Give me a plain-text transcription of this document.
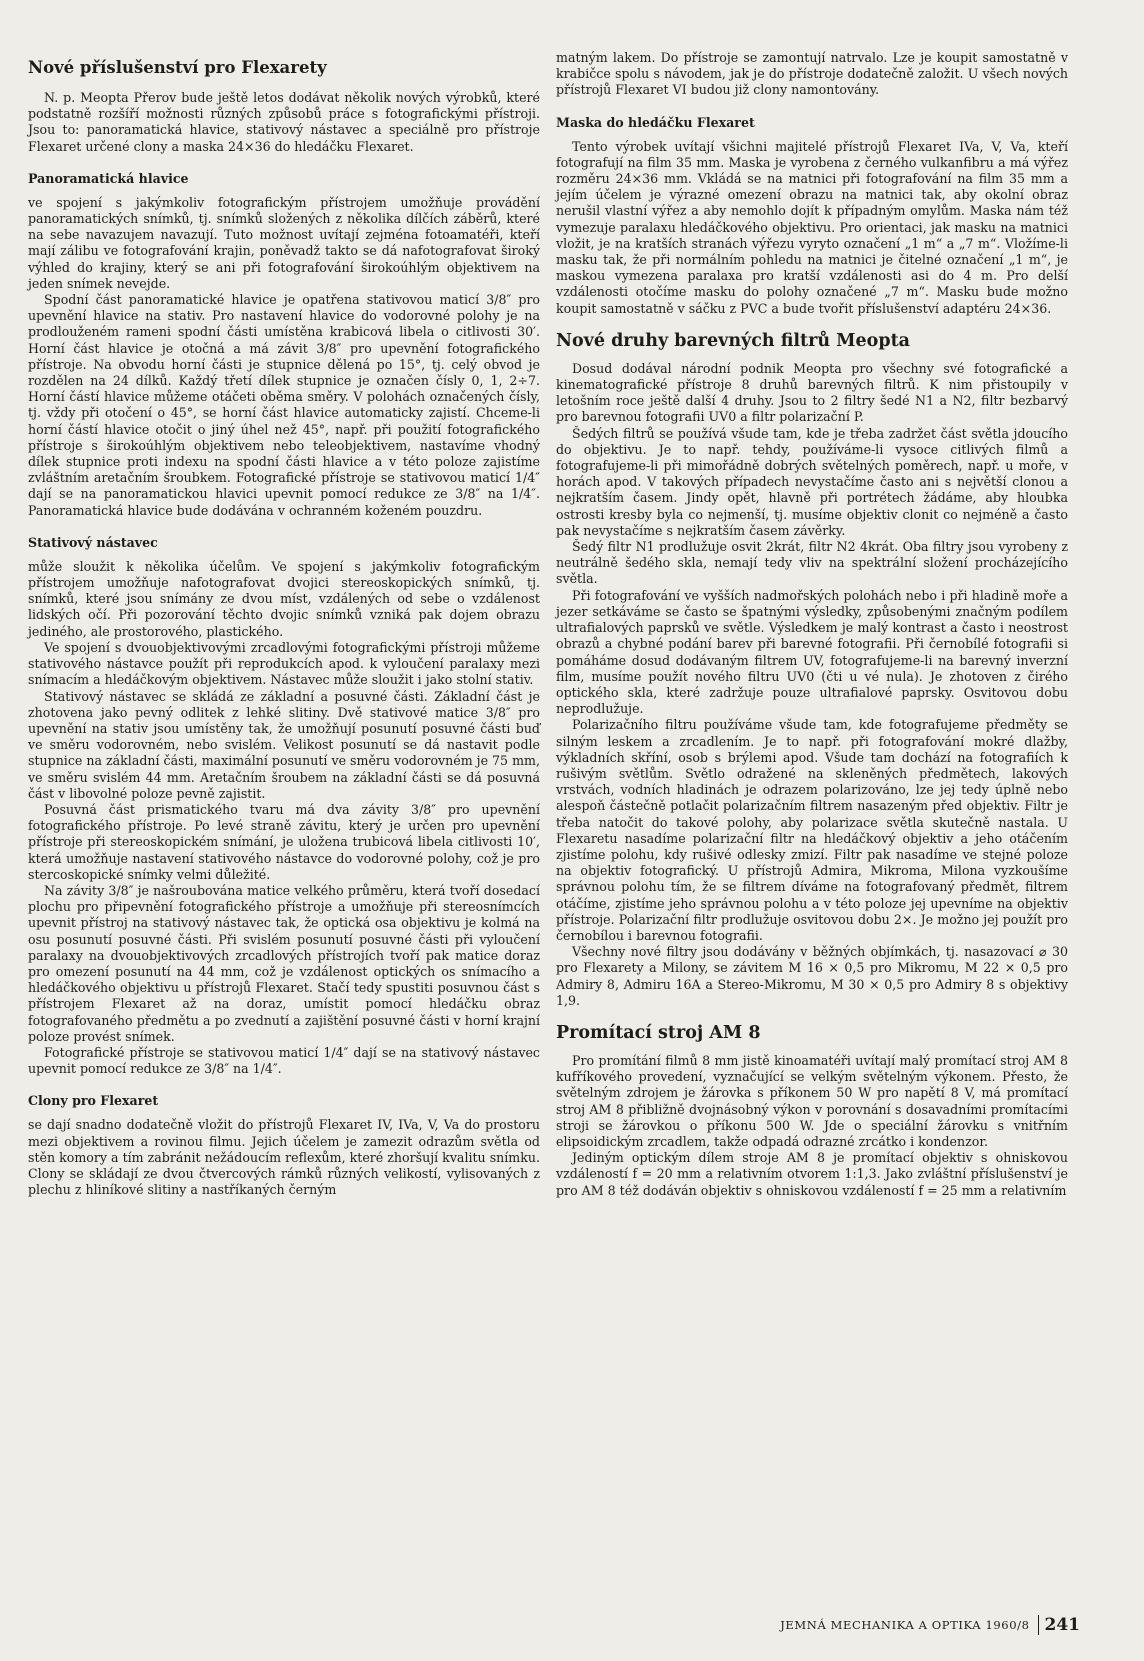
Nové příslušenství pro Flexarety

N. p. Meopta Přerov bude ještě letos dodávat několik nových výrobků, které podstatně rozšíří možnosti různých způsobů práce s fotografickými přístroji. Jsou to: panoramatická hlavice, stativový nástavec a speciálně pro přístroje Flexaret určené clony a maska 24×36 do hledáčku Flexaret.

Panoramatická hlavice

ve spojení s jakýmkoliv fotografickým přístrojem umožňuje provádění panoramatických snímků, tj. snímků složených z několika dílčích záběrů, které na sebe navazujem navazují. Tuto možnost uvítají zejména fotoamatéři, kteří mají zálibu ve fotografování krajin, poněvadž takto se dá nafotografovat široký výhled do krajiny, který se ani při fotografování širokoúhlým objektivem na jeden snímek nevejde.

Spodní část panoramatické hlavice je opatřena stativovou maticí 3/8″ pro upevnění hlavice na stativ. Pro nastavení hlavice do vodorovné polohy je na prodlouženém rameni spodní části umístěna krabicová libela o citlivosti 30′. Horní část hlavice je otočná a má závit 3/8″ pro upevnění fotografického přístroje. Na obvodu horní části je stupnice dělená po 15°, tj. celý obvod je rozdělen na 24 dílků. Každý třetí dílek stupnice je označen čísly 0, 1, 2÷7. Horní částí hlavice můžeme otáčeti oběma směry. V polohách označených čísly, tj. vždy při otočení o 45°, se horní část hlavice automaticky zajistí. Chceme-li horní částí hlavice otočit o jiný úhel než 45°, např. při použití fotografického přístroje s širokoúhlým objektivem nebo teleobjektivem, nastavíme vhodný dílek stupnice proti indexu na spodní části hlavice a v této poloze zajistíme zvláštním aretačním šroubkem. Fotografické přístroje se stativovou maticí 1/4″ dají se na panoramatickou hlavici upevnit pomocí redukce ze 3/8″ na 1/4″. Panoramatická hlavice bude dodávána v ochranném koženém pouzdru.

Stativový nástavec

může sloužit k několika účelům. Ve spojení s jakýmkoliv fotografickým přístrojem umožňuje nafotografovat dvojici stereoskopických snímků, tj. snímků, které jsou snímány ze dvou míst, vzdálených od sebe o vzdálenost lidských očí. Při pozorování těchto dvojic snímků vzniká pak dojem obrazu jediného, ale prostorového, plastického.

Ve spojení s dvouobjektivovými zrcadlovými fotografickými přístroji můžeme stativového nástavce použít při reprodukcích apod. k vyloučení paralaxy mezi snímacím a hledáčkovým objektivem. Nástavec může sloužit i jako stolní stativ.

Stativový nástavec se skládá ze základní a posuvné části. Základní část je zhotovena jako pevný odlitek z lehké slitiny. Dvě stativové matice 3/8″ pro upevnění na stativ jsou umístěny tak, že umožňují posunutí posuvné části buď ve směru vodorovném, nebo svislém. Velikost posunutí se dá nastavit podle stupnice na základní části, maximální posunutí ve směru vodorovném je 75 mm, ve směru svislém 44 mm. Aretačním šroubem na základní části se dá posuvná část v libovolné poloze pevně zajistit.

Posuvná část prismatického tvaru má dva závity 3/8″ pro upevnění fotografického přístroje. Po levé straně závitu, který je určen pro upevnění přístroje při stereoskopickém snímání, je uložena trubicová libela citlivosti 10′, která umožňuje nastavení stativového nástavce do vodorovné polohy, což je pro stercoskopické snímky velmi důležité.

Na závity 3/8″ je našroubována matice velkého průměru, která tvoří dosedací plochu pro připevnění fotografického přístroje a umožňuje při stereosnímcích upevnit přístroj na stativový nástavec tak, že optická osa objektivu je kolmá na osu posunutí posuvné části. Při svislém posunutí posuvné části při vyloučení paralaxy na dvouobjektivových zrcadlových přístrojích tvoří pak matice doraz pro omezení posunutí na 44 mm, což je vzdálenost optických os snímacího a hledáčkového objektivu u přístrojů Flexaret. Stačí tedy spustiti posuvnou část s přístrojem Flexaret až na doraz, umístit pomocí hledáčku obraz fotografovaného předmětu a po zvednutí a zajištění posuvné části v horní krajní poloze provést snímek.

Fotografické přístroje se stativovou maticí 1/4″ dají se na stativový nástavec upevnit pomocí redukce ze 3/8″ na 1/4″.

Clony pro Flexaret

se dají snadno dodatečně vložit do přístrojů Flexaret IV, IVa, V, Va do prostoru mezi objektivem a rovinou filmu. Jejich účelem je zamezit odrazům světla od stěn komory a tím zabránit nežádoucím reflexům, které zhoršují kvalitu snímku. Clony se skládají ze dvou čtvercových rámků různých velikostí, vylisovaných z plechu z hliníkové slitiny a nastříkaných černým

matným lakem. Do přístroje se zamontují natrvalo. Lze je koupit samostatně v krabičce spolu s návodem, jak je do přístroje dodatečně založit. U všech nových přístrojů Flexaret VI budou již clony namontovány.

Maska do hledáčku Flexaret

Tento výrobek uvítají všichni majitelé přístrojů Flexaret IVa, V, Va, kteří fotografují na film 35 mm. Maska je vyrobena z černého vulkanfibru a má výřez rozměru 24×36 mm. Vkládá se na matnici při fotografování na film 35 mm a jejím účelem je výrazné omezení obrazu na matnici tak, aby okolní obraz nerušil vlastní výřez a aby nemohlo dojít k případným omylům. Maska nám též vymezuje paralaxu hledáčkového objektivu. Pro orientaci, jak masku na matnici vložit, je na kratších stranách výřezu vyryto označení „1 m“ a „7 m“. Vložíme-li masku tak, že při normálním pohledu na matnici je čitelné označení „1 m“, je maskou vymezena paralaxa pro kratší vzdálenosti asi do 4 m. Pro delší vzdálenosti otočíme masku do polohy označené „7 m“. Masku bude možno koupit samostatně v sáčku z PVC a bude tvořit příslušenství adaptéru 24×36.

Nové druhy barevných filtrů Meopta

Dosud dodával národní podnik Meopta pro všechny své fotografické a kinematografické přístroje 8 druhů barevných filtrů. K nim přistoupily v letošním roce ještě další 4 druhy. Jsou to 2 filtry šedé N1 a N2, filtr bezbarvý pro barevnou fotografii UV0 a filtr polarizační P.

Šedých filtrů se používá všude tam, kde je třeba zadržet část světla jdoucího do objektivu. Je to např. tehdy, používáme-li vysoce citlivých filmů a fotografujeme-li při mimořádně dobrých světelných poměrech, např. u moře, v horách apod. V takových případech nevystačíme často ani s největší clonou a nejkratším časem. Jindy opět, hlavně při portrétech žádáme, aby hloubka ostrosti kresby byla co nejmenší, tj. musíme objektiv clonit co nejméně a často pak nevystačíme s nejkratším časem závěrky.

Šedý filtr N1 prodlužuje osvit 2krát, filtr N2 4krát. Oba filtry jsou vyrobeny z neutrálně šedého skla, nemají tedy vliv na spektrální složení procházejícího světla.

Při fotografování ve vyšších nadmořských polohách nebo i při hladině moře a jezer setkáváme se často se špatnými výsledky, způsobenými značným podílem ultrafialových paprsků ve světle. Výsledkem je malý kontrast a často i neostrost obrazů a chybné podání barev při barevné fotografii. Při černobílé fotografii si pomáháme dosud dodávaným filtrem UV, fotografujeme-li na barevný inverzní film, musíme použít nového filtru UV0 (čti u vé nula). Je zhotoven z čirého optického skla, které zadržuje pouze ultrafialové paprsky. Osvitovou dobu neprodlužuje.

Polarizačního filtru používáme všude tam, kde fotografujeme předměty se silným leskem a zrcadlením. Je to např. při fotografování mokré dlažby, výkladních skříní, osob s brýlemi apod. Všude tam dochází na fotografiích k rušivým světlům. Světlo odražené na skleněných předmětech, lakových vrstvách, vodních hladinách je odrazem polarizováno, lze jej tedy úplně nebo alespoň částečně potlačit polarizačním filtrem nasazeným před objektiv. Filtr je třeba natočit do takové polohy, aby polarizace světla skutečně nastala. U Flexaretu nasadíme polarizační filtr na hledáčkový objektiv a jeho otáčením zjistíme polohu, kdy rušivé odlesky zmizí. Filtr pak nasadíme ve stejné poloze na objektiv fotografický. U přístrojů Admira, Mikroma, Milona vyzkoušíme správnou polohu tím, že se filtrem díváme na fotografovaný předmět, filtrem otáčíme, zjistíme jeho správnou polohu a v této poloze jej upevníme na objektiv přístroje. Polarizační filtr prodlužuje osvitovou dobu 2×. Je možno jej použít pro černobílou i barevnou fotografii.

Všechny nové filtry jsou dodávány v běžných objímkách, tj. nasazovací ⌀ 30 pro Flexarety a Milony, se závitem M 16 × 0,5 pro Mikromu, M 22 × 0,5 pro Admiry 8, Admiru 16A a Stereo-Mikromu, M 30 × 0,5 pro Admiry 8 s objektivy 1,9.

Promítací stroj AM 8

Pro promítání filmů 8 mm jistě kinoamatéři uvítají malý promítací stroj AM 8 kufříkového provedení, vyznačující se velkým světelným výkonem. Přesto, že světelným zdrojem je žárovka s příkonem 50 W pro napětí 8 V, má promítací stroj AM 8 přibližně dvojnásobný výkon v porovnání s dosavadními promítacími stroji se žárovkou o příkonu 500 W. Jde o speciální žárovku s vnitřním elipsoidickým zrcadlem, takže odpadá odrazné zrcátko i kondenzor.

Jediným optickým dílem stroje AM 8 je promítací objektiv s ohniskovou vzdáleností f = 20 mm a relativním otvorem 1:1,3. Jako zvláštní příslušenství je pro AM 8 též dodáván objektiv s ohniskovou vzdáleností f = 25 mm a relativním

JEMNÁ MECHANIKA A OPTIKA 1960/8 241
